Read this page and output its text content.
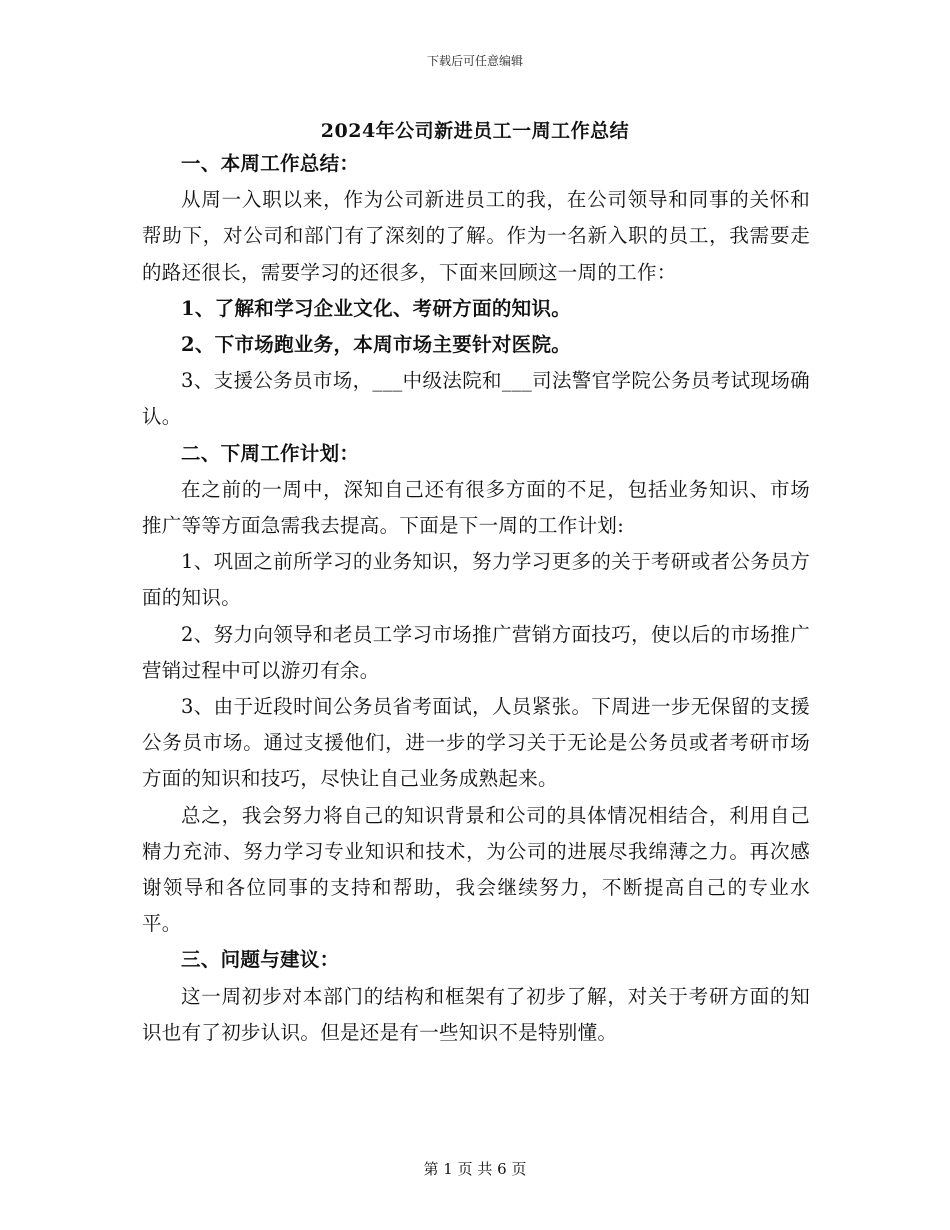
下载后可任意编辑
2024年公司新进员工一周工作总结

一、本周工作总结：

从周一入职以来，作为公司新进员工的我，在公司领导和同事的关怀和帮助下，对公司和部门有了深刻的了解。作为一名新入职的员工，我需要走的路还很长，需要学习的还很多，下面来回顾这一周的工作：

1、了解和学习企业文化、考研方面的知识。

2、下市场跑业务，本周市场主要针对医院。

3、支援公务员市场，___中级法院和___司法警官学院公务员考试现场确认。

二、下周工作计划：

在之前的一周中，深知自己还有很多方面的不足，包括业务知识、市场推广等等方面急需我去提高。下面是下一周的工作计划:

1、巩固之前所学习的业务知识，努力学习更多的关于考研或者公务员方面的知识。

2、努力向领导和老员工学习市场推广营销方面技巧，使以后的市场推广营销过程中可以游刃有余。

3、由于近段时间公务员省考面试，人员紧张。下周进一步无保留的支援公务员市场。通过支援他们，进一步的学习关于无论是公务员或者考研市场方面的知识和技巧，尽快让自己业务成熟起来。

总之，我会努力将自己的知识背景和公司的具体情况相结合，利用自己精力充沛、努力学习专业知识和技术，为公司的进展尽我绵薄之力。再次感谢领导和各位同事的支持和帮助，我会继续努力，不断提高自己的专业水平。

三、问题与建议：

这一周初步对本部门的结构和框架有了初步了解，对关于考研方面的知识也有了初步认识。但是还是有一些知识不是特别懂。

第 1 页 共 6 页
